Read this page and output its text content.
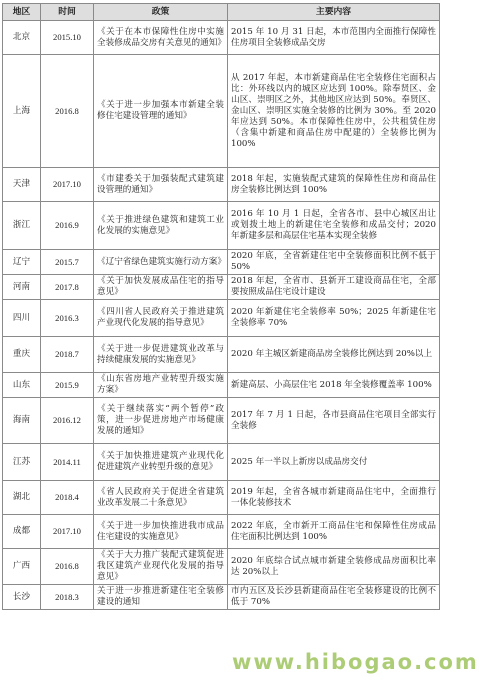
地区	时间	政策	主要内容
北京	2015.10	《关于在本市保障性住房中实施全装修成品交房有关意见的通知》	2015 年 10 月 31 日起，本市范围内全面推行保障性住房项目全装修成品交房
上海	2016.8	《关于进一步加强本市新建全装修住宅建设管理的通知》	从 2017 年起，本市新建商品住宅全装修住宅面积占比：外环线以内的城区应达到 100%。除奉贤区、金山区、崇明区之外，其他地区应达到 50%。奉贤区、金山区、崇明区实施全装修的比例为 30%。至 2020 年应达到 50%。本市保障性住房中，公共租赁住房（含集中新建和商品住房中配建的）全装修比例为 100%
天津	2017.10	《市建委关于加强装配式建筑建设管理的通知》	2018 年起，实施装配式建筑的保障性住房和商品住房全装修比例达到 100%
浙江	2016.9	《关于推进绿色建筑和建筑工业化发展的实施意见》	2016 年 10 月 1 日起，全省各市、县中心城区出让或划拨土地上的新建住宅全装修和成品交付；2020 年新建多层和高层住宅基本实现全装修
辽宁	2015.7	《辽宁省绿色建筑实施行动方案》	2020 年底，全省新建住宅中全装修面积比例不低于 50%
河南	2017.8	《关于加快发展成品住宅的指导意见》	2018 年起，全省市、县新开工建设商品住宅，全部要按照成品住宅设计建设
四川	2016.3	《四川省人民政府关于推进建筑产业现代化发展的指导意见》	2020 年新建住宅全装修率 50%；2025 年新建住宅全装修率 70%
重庆	2018.7	《关于进一步促进建筑业改革与持续健康发展的实施意见》	2020 年主城区新建商品房全装修比例达到 20%以上
山东	2015.9	《山东省房地产业转型升级实施方案》	新建高层、小高层住宅 2018 年全装修覆盖率 100%
海南	2016.12	《关于继续落实“两个暂停”政策，进一步促进房地产市场健康发展的通知》	2017 年 7 月 1 日起，各市县商品住宅项目全部实行全装修
江苏	2014.11	《关于加快推进建筑产业现代化促进建筑产业转型升级的意见》	2025 年一半以上新房以成品房交付
湖北	2018.4	《省人民政府关于促进全省建筑业改革发展二十条意见》	2019 年起，全省各城市新建商品住宅中，全面推行一体化装修技术
成都	2017.10	《关于进一步加快推进我市成品住宅建设的实施意见》	2022 年底，全市新开工商品住宅和保障性住房成品住宅面积比例达到 100%
广西	2016.8	《关于大力推广装配式建筑促进我区建筑产业现代化发展的指导意见》	2020 年底综合试点城市新建全装修成品房面积比率达 20%以上
长沙	2018.3	关于进一步推进新建住宅全装修建设的通知	市内五区及长沙县新建商品住宅全装修建设的比例不低于 70%
www.hibogao.com
